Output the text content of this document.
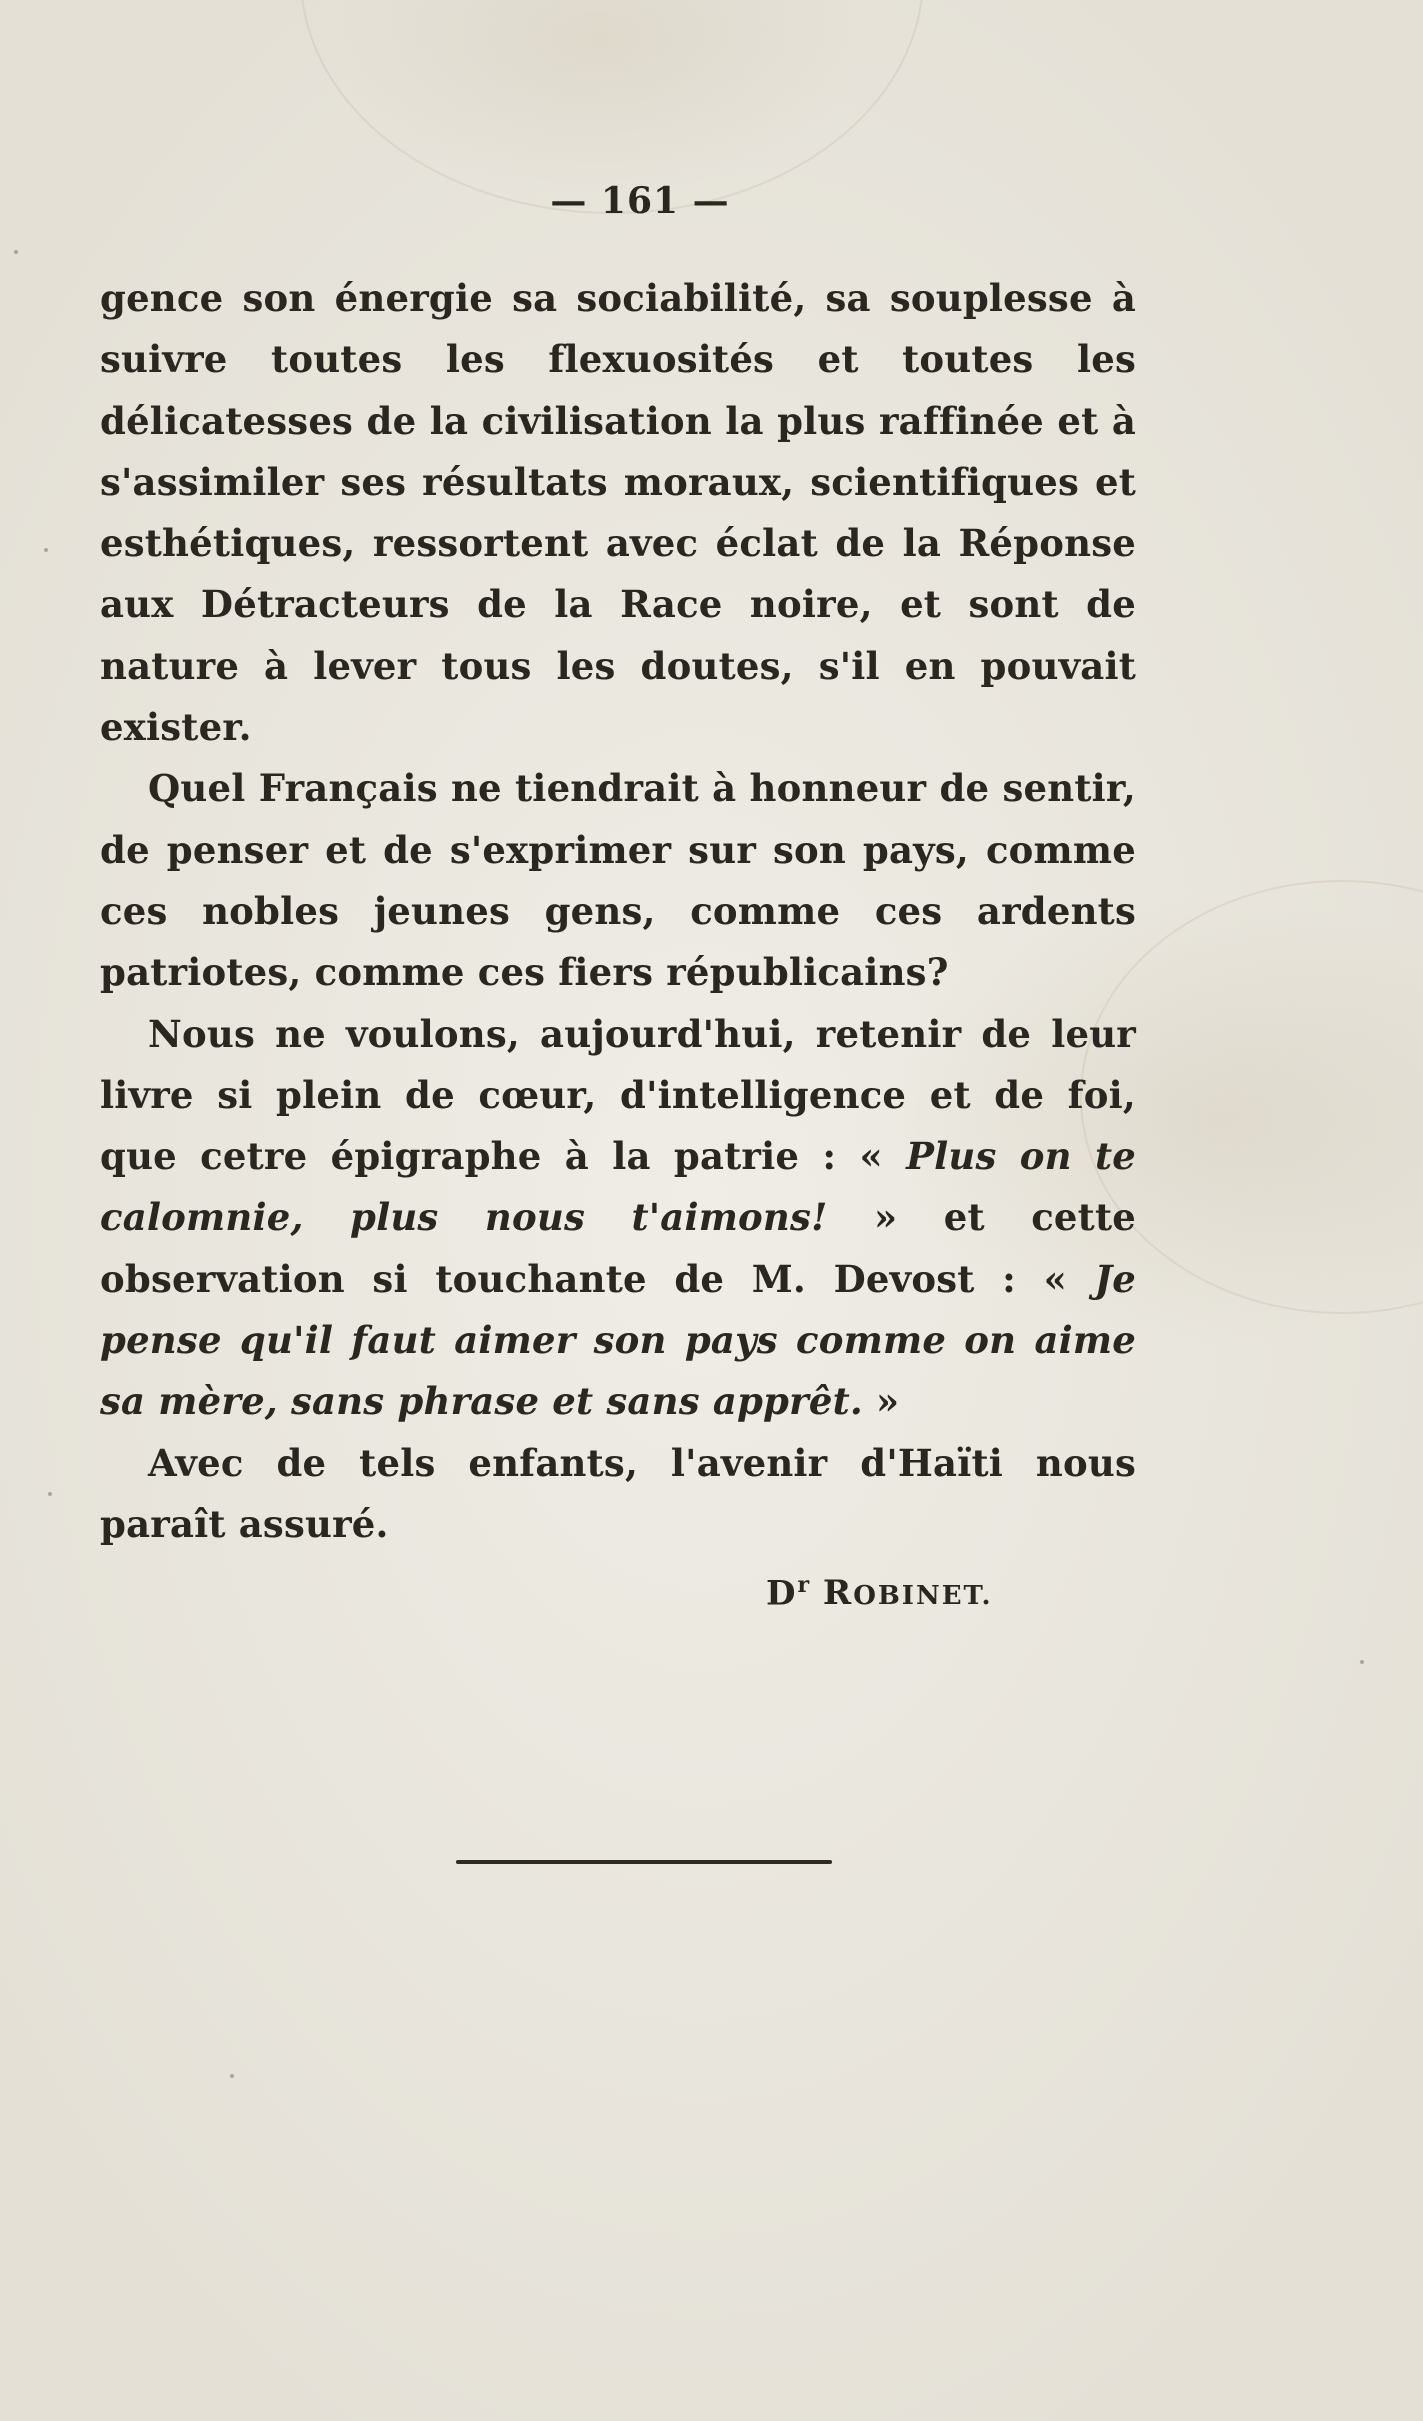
— 161 —

gence son énergie sa sociabilité, sa souplesse à suivre toutes les flexuosités et toutes les délicatesses de la civilisation la plus raffinée et à s'assimiler ses résultats moraux, scientifiques et esthétiques, ressortent avec éclat de la Réponse aux Détracteurs de la Race noire, et sont de nature à lever tous les doutes, s'il en pouvait exister.

Quel Français ne tiendrait à honneur de sentir, de penser et de s'exprimer sur son pays, comme ces nobles jeunes gens, comme ces ardents patriotes, comme ces fiers républicains?

Nous ne voulons, aujourd'hui, retenir de leur livre si plein de cœur, d'intelligence et de foi, que cetre épigraphe à la patrie : « Plus on te calomnie, plus nous t'aimons! » et cette observation si touchante de M. Devost : « Je pense qu'il faut aimer son pays comme on aime sa mère, sans phrase et sans apprêt. »

Avec de tels enfants, l'avenir d'Haïti nous paraît assuré.

$D^r$ ROBINET.
